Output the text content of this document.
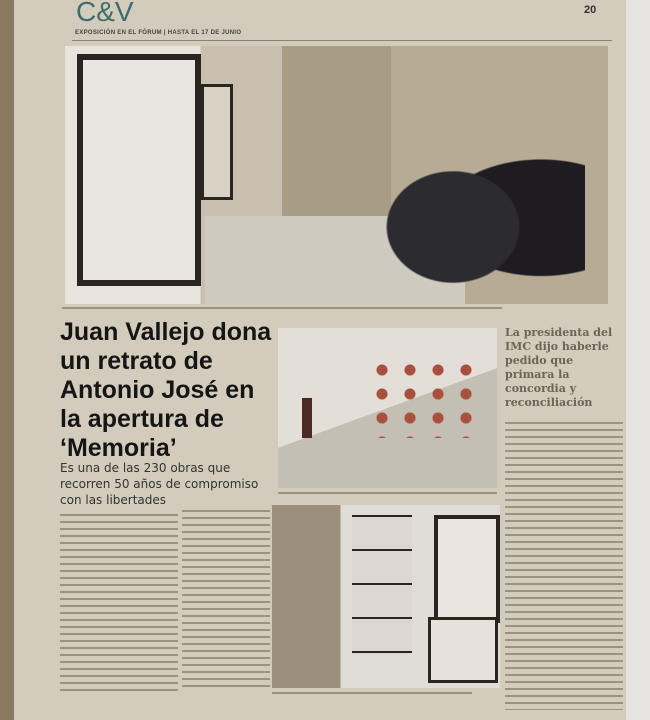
C&V	20
EXPOSICIÓN EN EL FÓRUM | HASTA EL 17 DE JUNIO
Juan Vallejo dona un retrato de Antonio José en la apertura de ‘Memoria’
Es una de las 230 obras que recorren 50 años de compromiso con las libertades
La presidenta del IMC dijo haberle pedido que primara la concordia y reconciliación
